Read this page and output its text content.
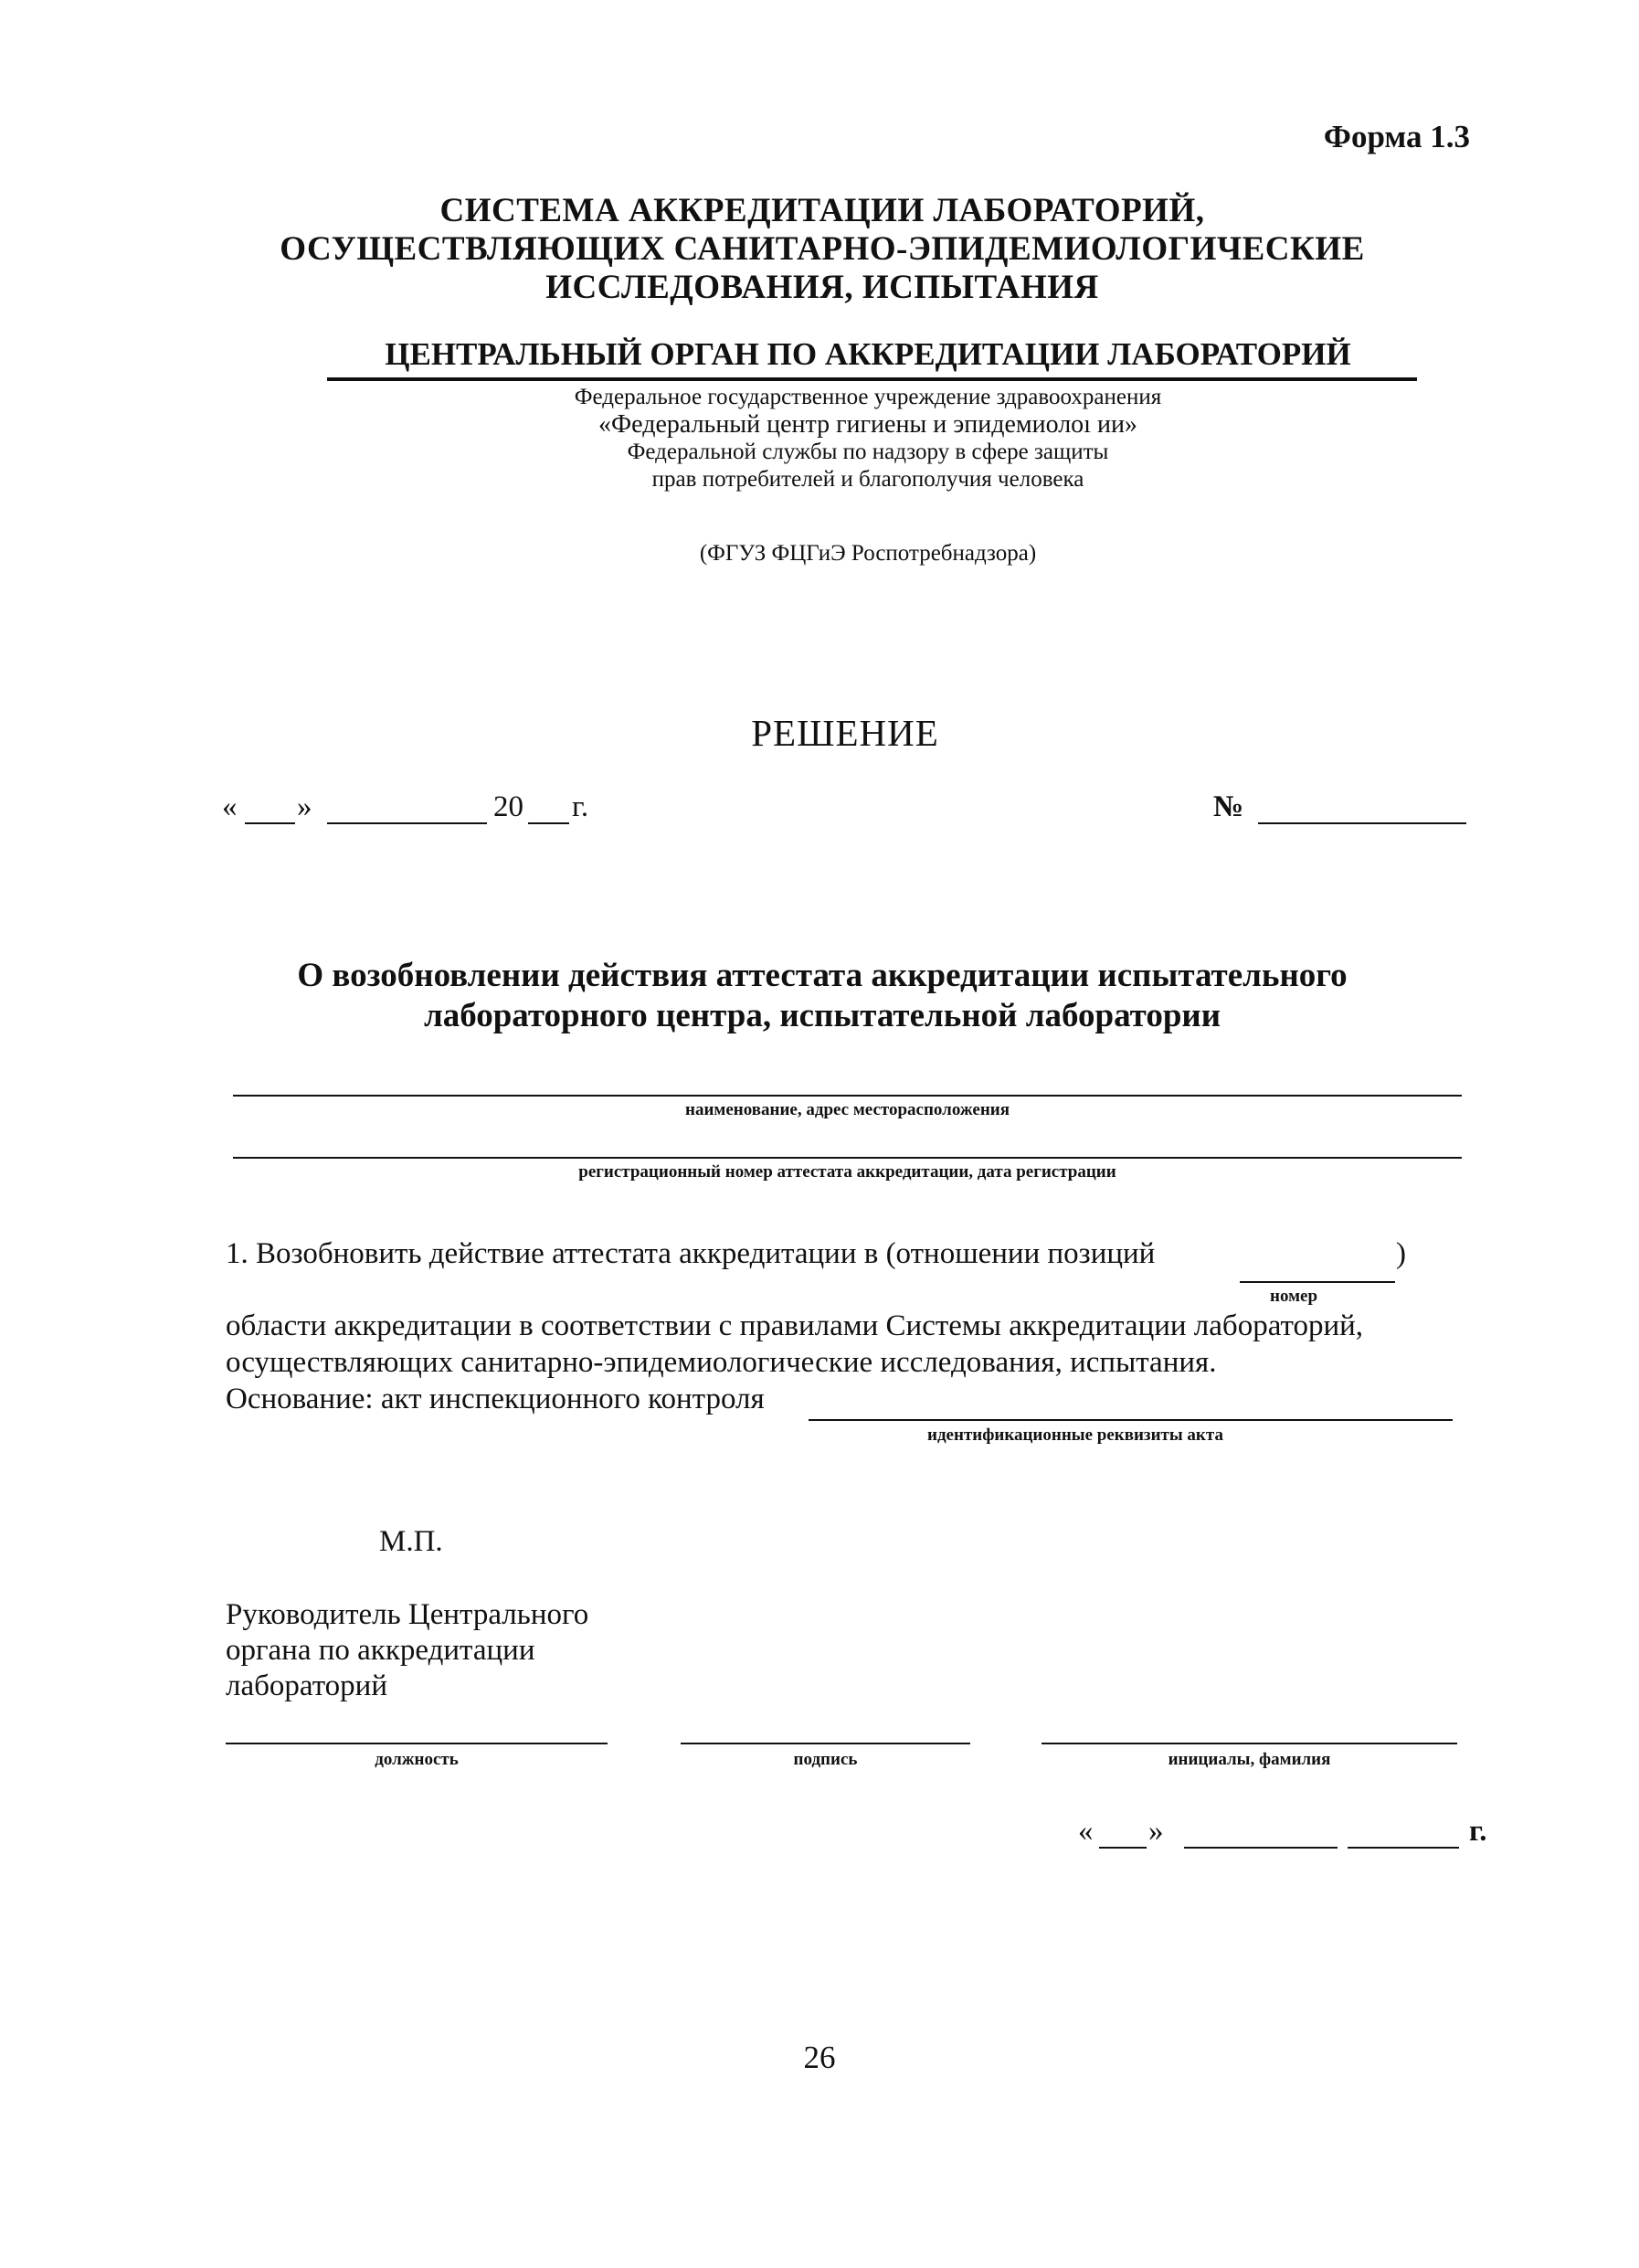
Форма 1.3
СИСТЕМА АККРЕДИТАЦИИ ЛАБОРАТОРИЙ,
ОСУЩЕСТВЛЯЮЩИХ САНИТАРНО-ЭПИДЕМИОЛОГИЧЕСКИЕ
ИССЛЕДОВАНИЯ, ИСПЫТАНИЯ
ЦЕНТРАЛЬНЫЙ ОРГАН ПО АККРЕДИТАЦИИ ЛАБОРАТОРИЙ
Федеральное государственное учреждение здравоохранения
«Федеральный центр гигиены и эпидемиолоı ии»
Федеральной службы по надзору в сфере защиты
прав потребителей и благополучия человека
(ФГУЗ ФЦГиЭ Роспотребнадзора)
РЕШЕНИЕ
« »	20 г.	№
О возобновлении действия аттестата аккредитации испытательного
лабораторного центра, испытательной лаборатории
наименование, адрес месторасположения
регистрационный номер аттестата аккредитации, дата регистрации
1. Возобновить действие аттестата аккредитации в (отношении позиций	)
номер
области аккредитации в соответствии с правилами Системы аккредитации лабораторий,
осуществляющих санитарно-эпидемиологические исследования, испытания.
Основание: акт инспекционного контроля
идентификационные реквизиты акта
М.П.
Руководитель Центрального
органа по аккредитации
лабораторий
должность	подпись	инициалы, фамилия
« »	г.
26
